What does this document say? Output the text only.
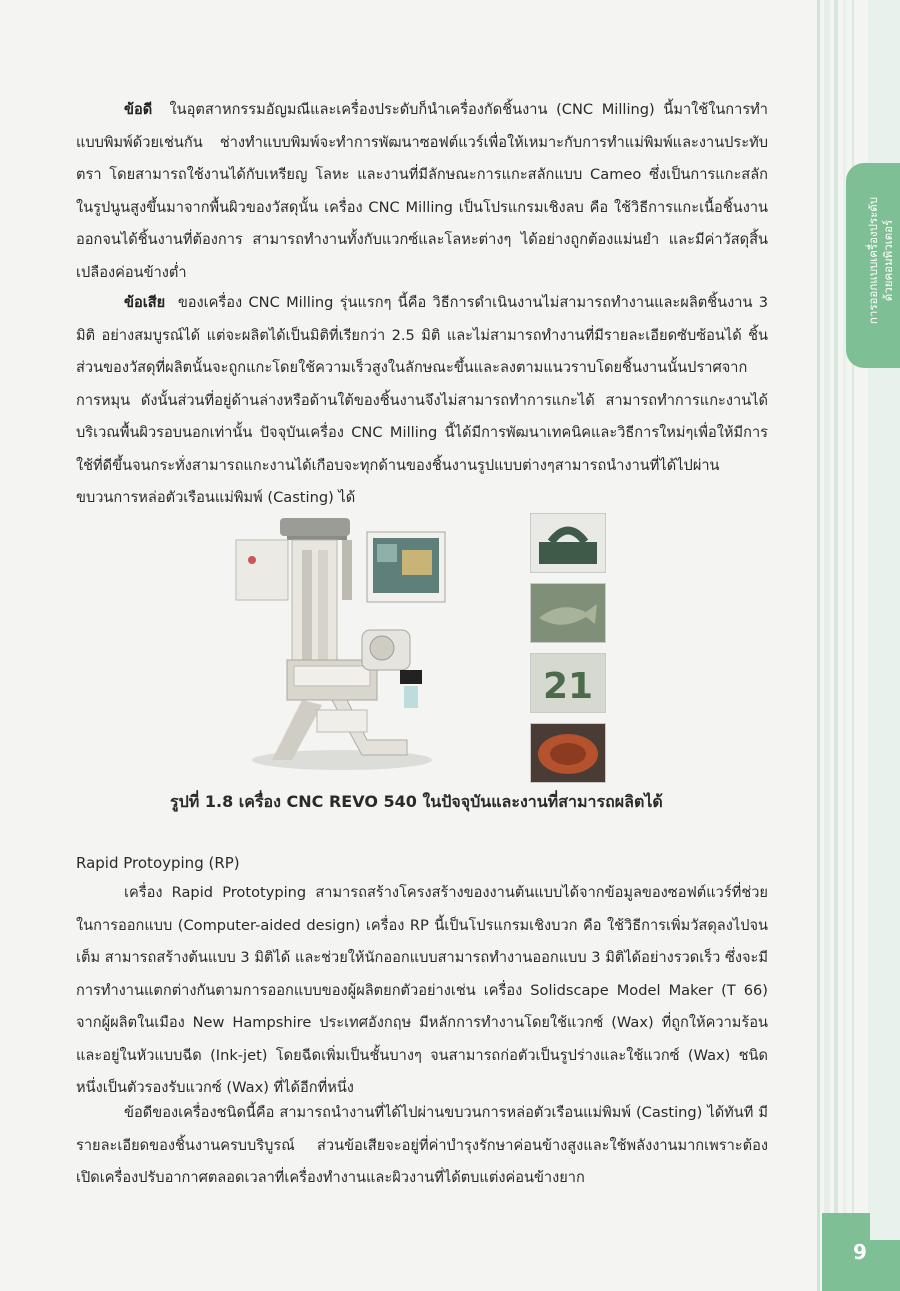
การออกแบบเครื่องประดับ ด้วยคอมพิวเตอร์
ข้อดี ในอุตสาหกรรมอัญมณีและเครื่องประดับก็นำเครื่องกัดชิ้นงาน (CNC Milling) นี้มาใช้ในการทำแบบพิมพ์ด้วยเช่นกัน ช่างทำแบบพิมพ์จะทำการพัฒนาซอฟต์แวร์เพื่อให้เหมาะกับการทำแม่พิมพ์และงานประทับตรา โดยสามารถใช้งานได้กับเหรียญ โลหะ และงานที่มีลักษณะการแกะสลักแบบ Cameo ซึ่งเป็นการแกะสลักในรูปนูนสูงขึ้นมาจากพื้นผิวของวัสดุนั้น เครื่อง CNC Milling เป็นโปรแกรมเชิงลบ คือ ใช้วิธีการแกะเนื้อชิ้นงานออกจนได้ชิ้นงานที่ต้องการ สามารถทำงานทั้งกับแวกซ์และโลหะต่างๆ ได้อย่างถูกต้องแม่นยำ และมีค่าวัสดุสิ้นเปลืองค่อนข้างต่ำ
ข้อเสีย ของเครื่อง CNC Milling รุ่นแรกๆ นี้คือ วิธีการดำเนินงานไม่สามารถทำงานและผลิตชิ้นงาน 3 มิติ อย่างสมบูรณ์ได้ แต่จะผลิตได้เป็นมิติที่เรียกว่า 2.5 มิติ และไม่สามารถทำงานที่มีรายละเอียดซับซ้อนได้ ชิ้นส่วนของวัสดุที่ผลิตนั้นจะถูกแกะโดยใช้ความเร็วสูงในลักษณะขึ้นและลงตามแนวราบโดยชิ้นงานนั้นปราศจากการหมุน ดังนั้นส่วนที่อยู่ด้านล่างหรือด้านใต้ของชิ้นงานจึงไม่สามารถทำการแกะได้ สามารถทำการแกะงานได้บริเวณพื้นผิวรอบนอกเท่านั้น ปัจจุบันเครื่อง CNC Milling นี้ได้มีการพัฒนาเทคนิคและวิธีการใหม่ๆเพื่อให้มีการใช้ที่ดีขึ้นจนกระทั่งสามารถแกะงานได้เกือบจะทุกด้านของชิ้นงานรูปแบบต่างๆสามารถนำงานที่ได้ไปผ่านขบวนการหล่อตัวเรือนแม่พิมพ์ (Casting) ได้

21

รูปที่ 1.8 เครื่อง CNC REVO 540 ในปัจจุบันและงานที่สามารถผลิตได้
Rapid Protoyping (RP)
เครื่อง Rapid Prototyping สามารถสร้างโครงสร้างของงานต้นแบบได้จากข้อมูลของซอฟต์แวร์ที่ช่วยในการออกแบบ (Computer-aided design) เครื่อง RP นี้เป็นโปรแกรมเชิงบวก คือ ใช้วิธีการเพิ่มวัสดุลงไปจนเต็ม สามารถสร้างต้นแบบ 3 มิติได้ และช่วยให้นักออกแบบสามารถทำงานออกแบบ 3 มิติได้อย่างรวดเร็ว ซึ่งจะมีการทำงานแตกต่างกันตามการออกแบบของผู้ผลิตยกตัวอย่างเช่น เครื่อง Solidscape Model Maker (T 66) จากผู้ผลิตในเมือง New Hampshire ประเทศอังกฤษ มีหลักการทำงานโดยใช้แวกซ์ (Wax) ที่ถูกให้ความร้อนและอยู่ในหัวแบบฉีด (Ink-jet) โดยฉีดเพิ่มเป็นชั้นบางๆ จนสามารถก่อตัวเป็นรูปร่างและใช้แวกซ์ (Wax) ชนิดหนึ่งเป็นตัวรองรับแวกซ์ (Wax) ที่ได้อีกที่หนึ่ง
ข้อดีของเครื่องชนิดนี้คือ สามารถนำงานที่ได้ไปผ่านขบวนการหล่อตัวเรือนแม่พิมพ์ (Casting) ได้ทันที มีรายละเอียดของชิ้นงานครบบริบูรณ์ ส่วนข้อเสียจะอยู่ที่ค่าบำรุงรักษาค่อนข้างสูงและใช้พลังงานมากเพราะต้องเปิดเครื่องปรับอากาศตลอดเวลาที่เครื่องทำงานและผิวงานที่ได้ตบแต่งค่อนข้างยาก
9
